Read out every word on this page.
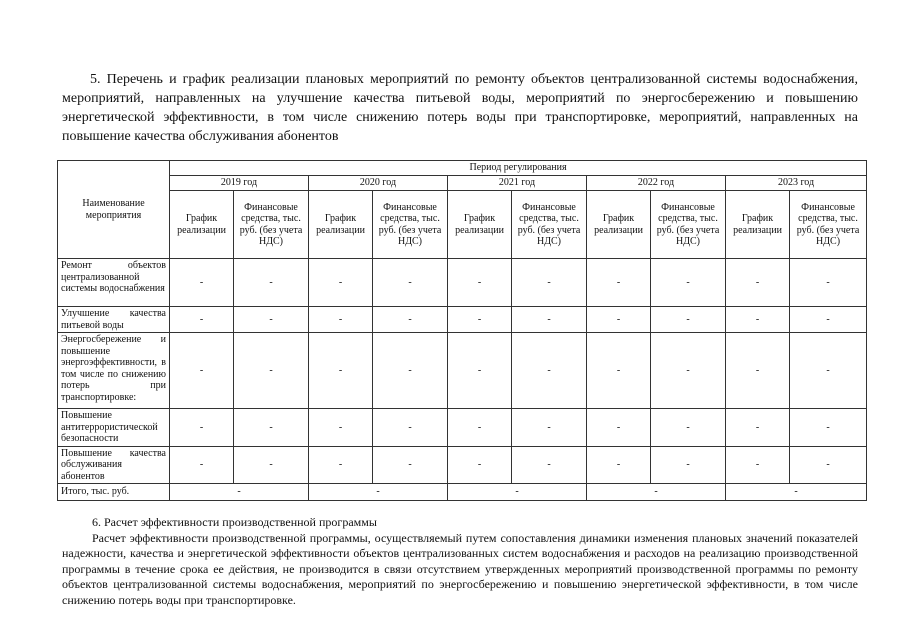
5. Перечень и график реализации плановых мероприятий по ремонту объектов централизованной системы водоснабжения, мероприятий, направленных на улучшение качества питьевой воды, мероприятий по энергосбережению и повышению энергетической эффективности, в том числе снижению потерь воды при транспортировке, мероприятий, направленных на повышение качества обслуживания абонентов
Наименование мероприятия	Период регулирования									
	2019 год		2020 год		2021 год		2022 год		2023 год	
	График реализации	Финансовые средства, тыс. руб. (без учета НДС)	График реализации	Финансовые средства, тыс. руб. (без учета НДС)	График реализации	Финансовые средства, тыс. руб. (без учета НДС)	График реализации	Финансовые средства, тыс. руб. (без учета НДС)	График реализации	Финансовые средства, тыс. руб. (без учета НДС)
Ремонт объектов централизованной системы водоснабжения	-	-	-	-	-	-	-	-	-	-
Улучшение качества питьевой воды	-	-	-	-	-	-	-	-	-	-
Энергосбережение и повышение энергоэффективности, в том числе по снижению потерь при транспортировке:	-	-	-	-	-	-	-	-	-	-
Повышение антитеррористической безопасности	-	-	-	-	-	-	-	-	-	-
Повышение качества обслуживания абонентов	-	-	-	-	-	-	-	-	-	-
Итого, тыс. руб.	-		-		-		-		-	
6. Расчет эффективности производственной программы
Расчет эффективности производственной программы, осуществляемый путем сопоставления динамики изменения плановых значений показателей надежности, качества и энергетической эффективности объектов централизованных систем водоснабжения и расходов на реализацию производственной программы в течение срока ее действия, не производится в связи отсутствием утвержденных мероприятий производственной программы по ремонту объектов централизованной системы водоснабжения, мероприятий по энергосбережению и повышению энергетической эффективности, в том числе снижению потерь воды при транспортировке.
